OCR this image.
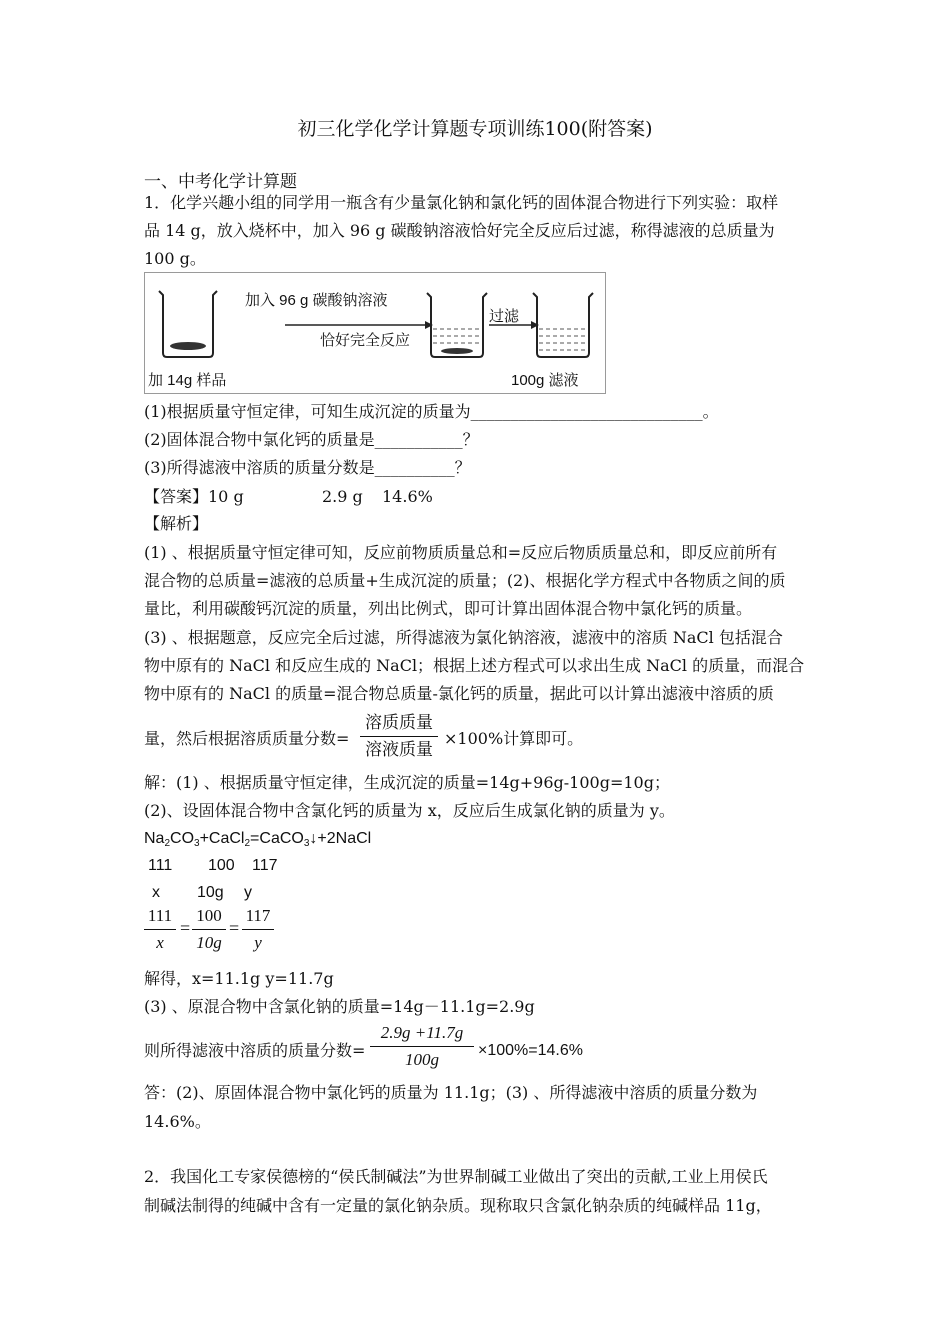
初三化学化学计算题专项训练100(附答案)
一、中考化学计算题
1．化学兴趣小组的同学用一瓶含有少量氯化钠和氯化钙的固体混合物进行下列实验：取样
品 14 g，放入烧杯中，加入 96 g 碳酸钠溶液恰好完全反应后过滤，称得滤液的总质量为
100 g。
加入 96 g 碳酸钠溶液
恰好完全反应
过滤
加 14g 样品	100g 滤液
(1)根据质量守恒定律，可知生成沉淀的质量为_____________________________。
(2)固体混合物中氯化钙的质量是___________？
(3)所得滤液中溶质的质量分数是__________？
【答案】10 g	2.9 g 14.6%
【解析】
(1) 、根据质量守恒定律可知，反应前物质质量总和=反应后物质质量总和，即反应前所有
混合物的总质量=滤液的总质量+生成沉淀的质量；(2)、根据化学方程式中各物质之间的质
量比，利用碳酸钙沉淀的质量，列出比例式，即可计算出固体混合物中氯化钙的质量。
(3) 、根据题意，反应完全后过滤，所得滤液为氯化钠溶液，滤液中的溶质 NaCl 包括混合
物中原有的 NaCl 和反应生成的 NaCl；根据上述方程式可以求出生成 NaCl 的质量，而混合
物中原有的 NaCl 的质量=混合物总质量-氯化钙的质量，据此可以计算出滤液中溶质的质
量，然后根据溶质质量分数=
溶质质量
溶液质量
×100%计算即可。
解：(1) 、根据质量守恒定律，生成沉淀的质量=14g+96g-100g=10g；
(2)、设固体混合物中含氯化钙的质量为 x，反应后生成氯化钠的质量为 y。
$Na_2CO_3+CaCl_2=CaCO_3↓+2NaCl$
111 100 117
x 10g y
111
x
=
100
10g
=
117
y
解得，x=11.1g y=11.7g
(3) 、原混合物中含氯化钠的质量=14g－11.1g=2.9g
则所得滤液中溶质的质量分数=
2.9g +11.7g
100g	×100%=14.6%
答：(2)、原固体混合物中氯化钙的质量为 11.1g；(3) 、所得滤液中溶质的质量分数为
14.6%。
2．我国化工专家侯德榜的“侯氏制碱法”为世界制碱工业做出了突出的贡献,工业上用侯氏
制碱法制得的纯碱中含有一定量的氯化钠杂质。现称取只含氯化钠杂质的纯碱样品 11g，
